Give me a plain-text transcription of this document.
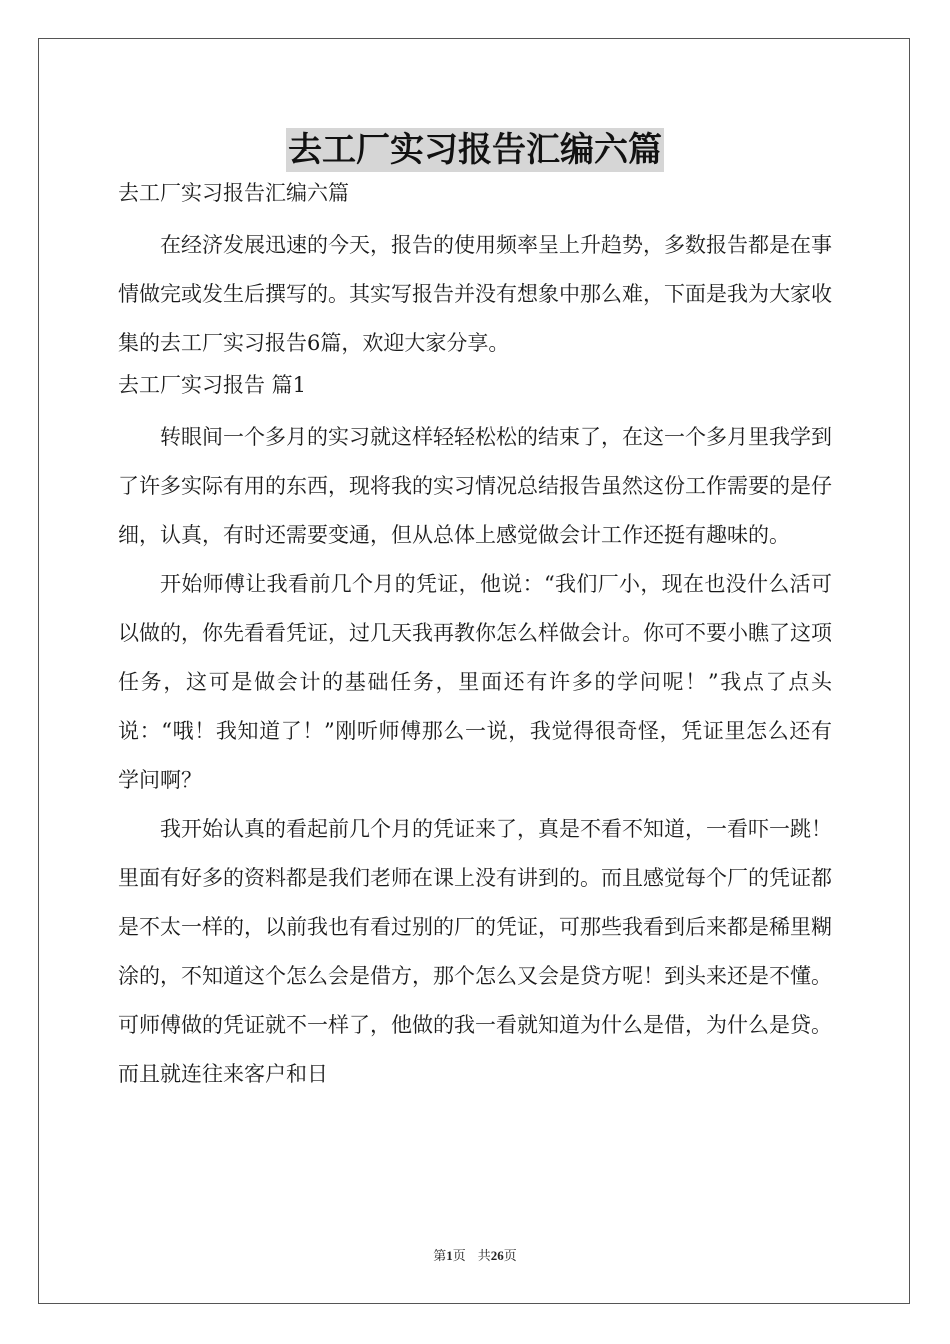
去工厂实习报告汇编六篇

去工厂实习报告汇编六篇

在经济发展迅速的今天，报告的使用频率呈上升趋势，多数报告都是在事情做完或发生后撰写的。其实写报告并没有想象中那么难，下面是我为大家收集的去工厂实习报告6篇，欢迎大家分享。

去工厂实习报告 篇1

转眼间一个多月的实习就这样轻轻松松的结束了，在这一个多月里我学到了许多实际有用的东西，现将我的实习情况总结报告虽然这份工作需要的是仔细，认真，有时还需要变通，但从总体上感觉做会计工作还挺有趣味的。

开始师傅让我看前几个月的凭证，他说：“我们厂小，现在也没什么活可以做的，你先看看凭证，过几天我再教你怎么样做会计。你可不要小瞧了这项任务，这可是做会计的基础任务，里面还有许多的学问呢！”我点了点头说：“哦！我知道了！”刚听师傅那么一说，我觉得很奇怪，凭证里怎么还有学问啊？

我开始认真的看起前几个月的凭证来了，真是不看不知道，一看吓一跳！里面有好多的资料都是我们老师在课上没有讲到的。而且感觉每个厂的凭证都是不太一样的，以前我也有看过别的厂的凭证，可那些我看到后来都是稀里糊涂的，不知道这个怎么会是借方，那个怎么又会是贷方呢！到头来还是不懂。可师傅做的凭证就不一样了，他做的我一看就知道为什么是借，为什么是贷。而且就连往来客户和日

第1页 共26页
